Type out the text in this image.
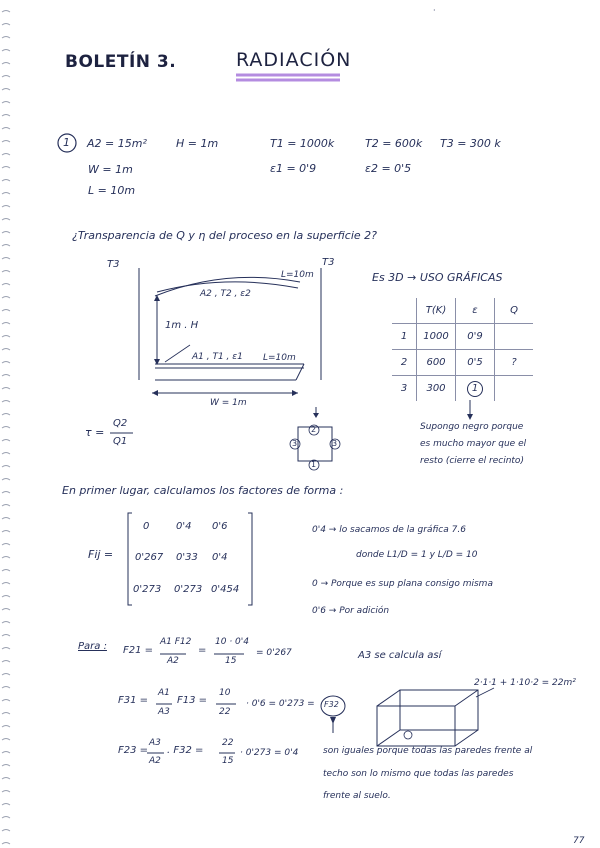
·
BOLETÍN 3.	RADIACIÓN
1 A2 = 15m²	H = 1m	T1 = 1000k	T2 = 600k T3 = 300 k
W = 1m	ε1 = 0'9	ε2 = 0'5
L = 10m
¿Transparencia de Q y η del proceso en la superficie 2?
T3	T3
L=10m
A2 , T2 , ε2
1m . H
A1 , T1 , ε1 L=10m
W = 1m
Es 3D → USO GRÁFICAS
	T(K)	ε	Q
1	1000	0'9	
2	600	0'5	?
3	300	1	
Supongo negro porque
es mucho mayor que el
resto (cierre el recinto)
τ =
Q2
Q1
2
3	3
1
En primer lugar, calculamos los factores de forma :
Fij =
0	0'4 0'6
0'267 0'33 0'4
0'273 0'273 0'454
0'4 → lo sacamos de la gráfica 7.6
donde L1/D = 1 y L/D = 10
0 → Porque es sup plana consigo misma
0'6 → Por adición
Para : F21 =
A1 F12
A2
=
10 · 0'4
15
= 0'267	A3 se calcula así
2·1·1 + 1·10·2 = 22m²
F31 =
A1
A3
F13 =
10
22
· 0'6 = 0'273 = F32
F23 =
A3
A2
. F32 =
22
15
· 0'273 = 0'4	son iguales porque todas las paredes frente al
techo son lo mismo que todas las paredes
frente al suelo.
77
